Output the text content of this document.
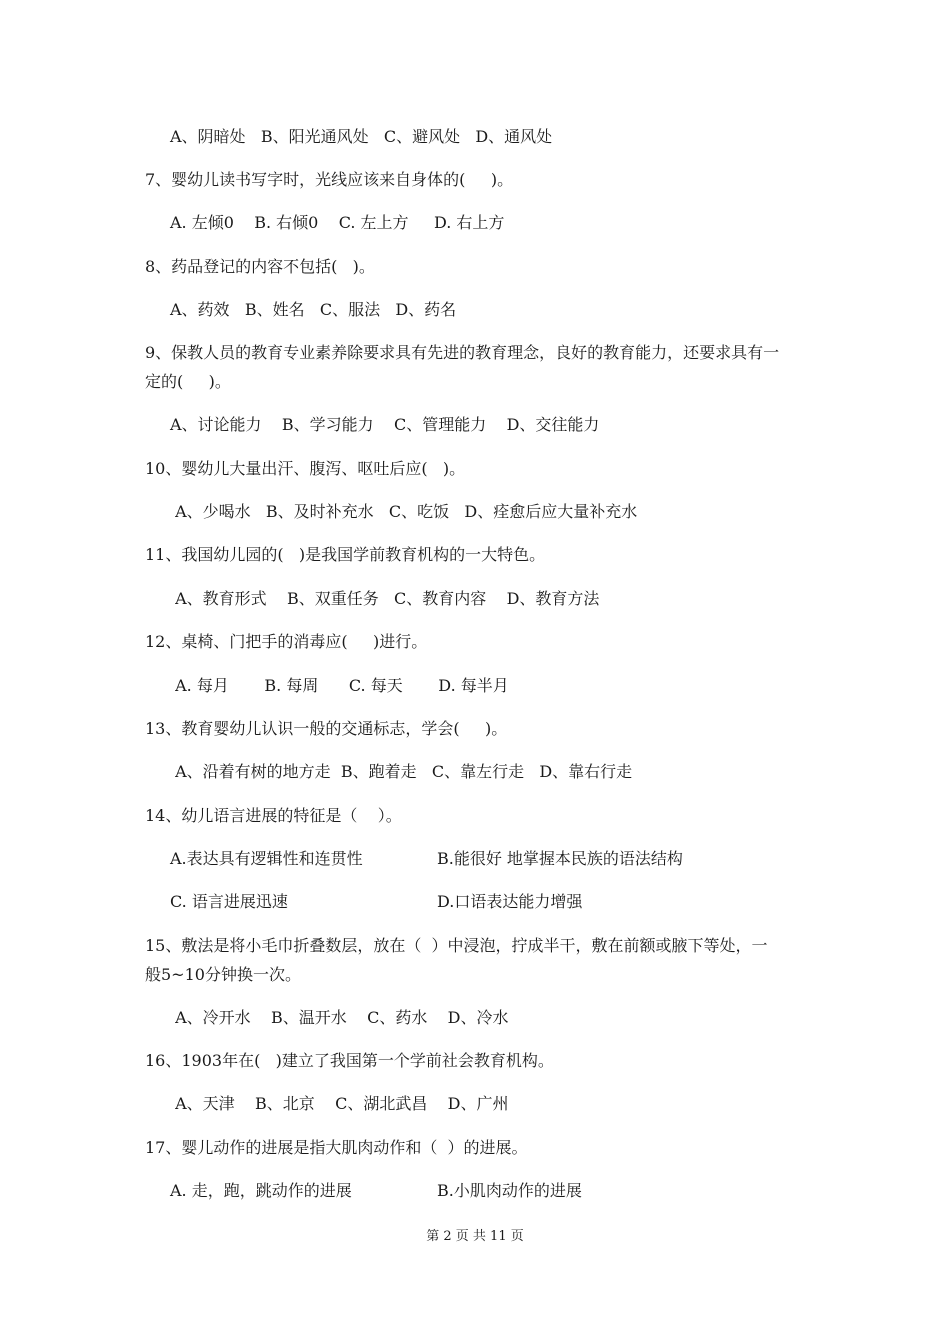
A、阴暗处   B、阳光通风处   C、避风处   D、通风处
7、婴幼儿读书写字时，光线应该来自身体的(     )。
A. 左倾0    B. 右倾0    C. 左上方     D. 右上方
8、药品登记的内容不包括(   )。
A、药效   B、姓名   C、服法   D、药名
9、保教人员的教育专业素养除要求具有先进的教育理念，良好的教育能力，还要求具有一
定的(     )。
A、讨论能力    B、学习能力    C、管理能力    D、交往能力
10、婴幼儿大量出汗、腹泻、呕吐后应(   )。
A、少喝水   B、及时补充水   C、吃饭   D、痊愈后应大量补充水
11、我国幼儿园的(   )是我国学前教育机构的一大特色。
A、教育形式    B、双重任务   C、教育内容    D、教育方法
12、桌椅、门把手的消毒应(     )进行。
A. 每月       B. 每周      C. 每天       D. 每半月
13、教育婴幼儿认识一般的交通标志，学会(     )。
A、沿着有树的地方走  B、跑着走   C、靠左行走   D、靠右行走
14、幼儿语言进展的特征是（    ）。
A.表达具有逻辑性和连贯性	B.能很好 地掌握本民族的语法结构
C. 语言进展迅速	D.口语表达能力增强
15、敷法是将小毛巾折叠数层，放在（  ）中浸泡，拧成半干，敷在前额或腋下等处，一
般5~10分钟换一次。
A、冷开水    B、温开水    C、药水    D、冷水
16、1903年在(   )建立了我国第一个学前社会教育机构。
A、天津    B、北京    C、湖北武昌    D、广州
17、婴儿动作的进展是指大肌肉动作和（  ）的进展。
A. 走，跑，跳动作的进展	B.小肌肉动作的进展
第 2 页 共 11 页
